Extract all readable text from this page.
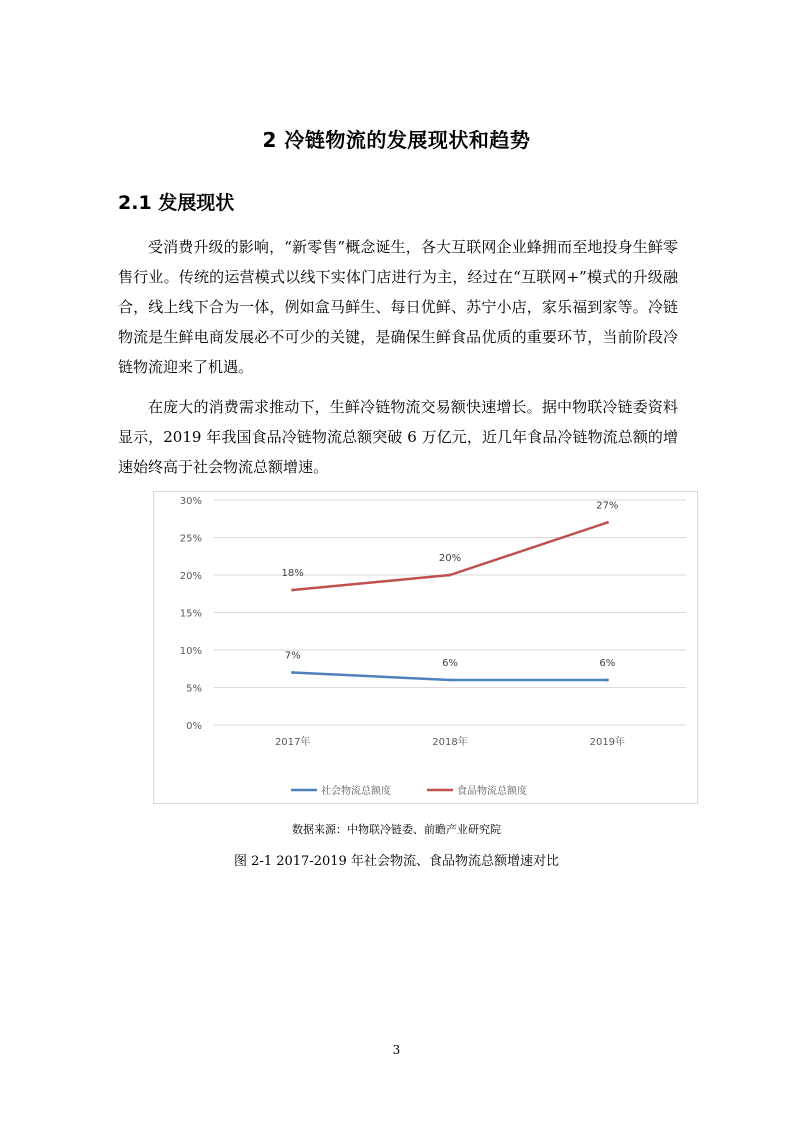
2 冷链物流的发展现状和趋势
2.1 发展现状

受消费升级的影响，“新零售”概念诞生，各大互联网企业蜂拥而至地投身生鲜零售行业。传统的运营模式以线下实体门店进行为主，经过在“互联网+”模式的升级融合，线上线下合为一体，例如盒马鲜生、每日优鲜、苏宁小店，家乐福到家等。冷链物流是生鲜电商发展必不可少的关键，是确保生鲜食品优质的重要环节，当前阶段冷链物流迎来了机遇。

在庞大的消费需求推动下，生鲜冷链物流交易额快速增长。据中物联冷链委资料显示，2019 年我国食品冷链物流总额突破 6 万亿元，近几年食品冷链物流总额的增速始终高于社会物流总额增速。

0%
5%
10%
15%
20%
25%
30%
2017年	2018年	2019年
7%
6%	6%
18%
20%
27%
社会物流总额度	食品物流总额度
数据来源：中物联冷链委、前瞻产业研究院
图 2-1 2017-2019 年社会物流、食品物流总额增速对比
3
